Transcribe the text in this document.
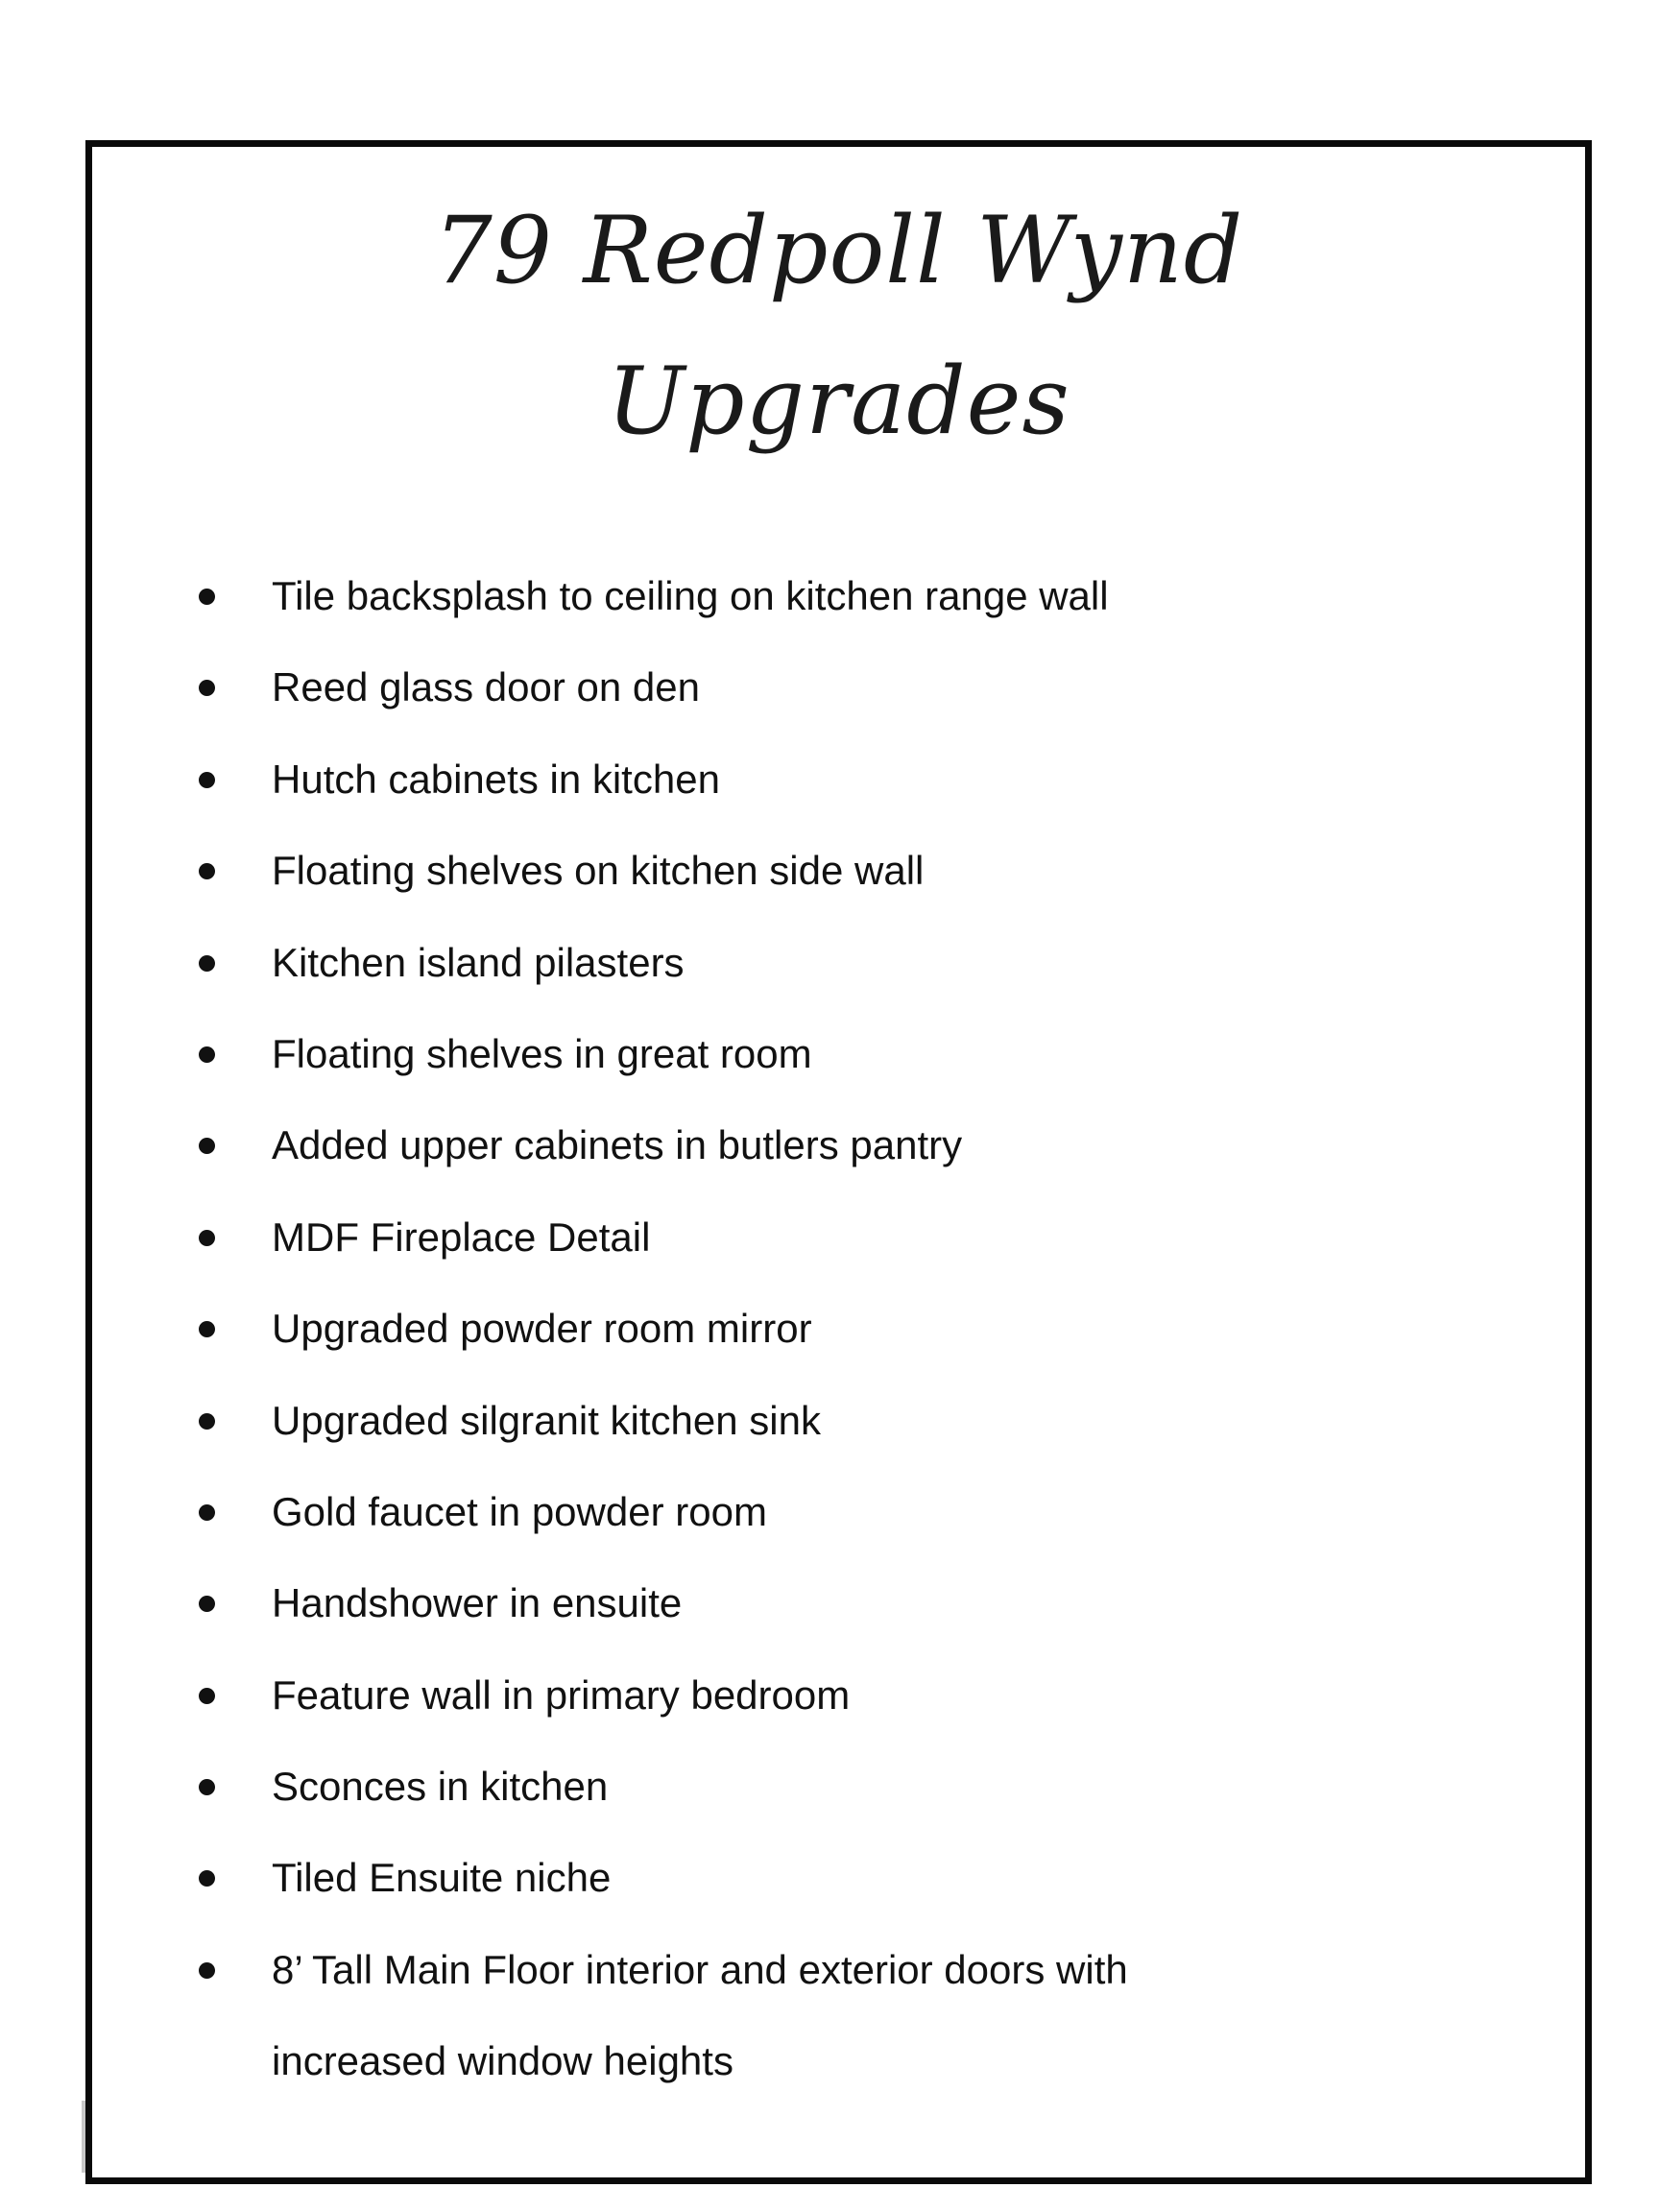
79 Redpoll Wynd
Upgrades
Tile backsplash to ceiling on kitchen range wall
Reed glass door on den
Hutch cabinets in kitchen
Floating shelves on kitchen side wall
Kitchen island pilasters
Floating shelves in great room
Added upper cabinets in butlers pantry
MDF Fireplace Detail
Upgraded powder room mirror
Upgraded silgranit kitchen sink
Gold faucet in powder room
Handshower in ensuite
Feature wall in primary bedroom
Sconces in kitchen
Tiled Ensuite niche
8’ Tall Main Floor interior and exterior doors with increased window heights
